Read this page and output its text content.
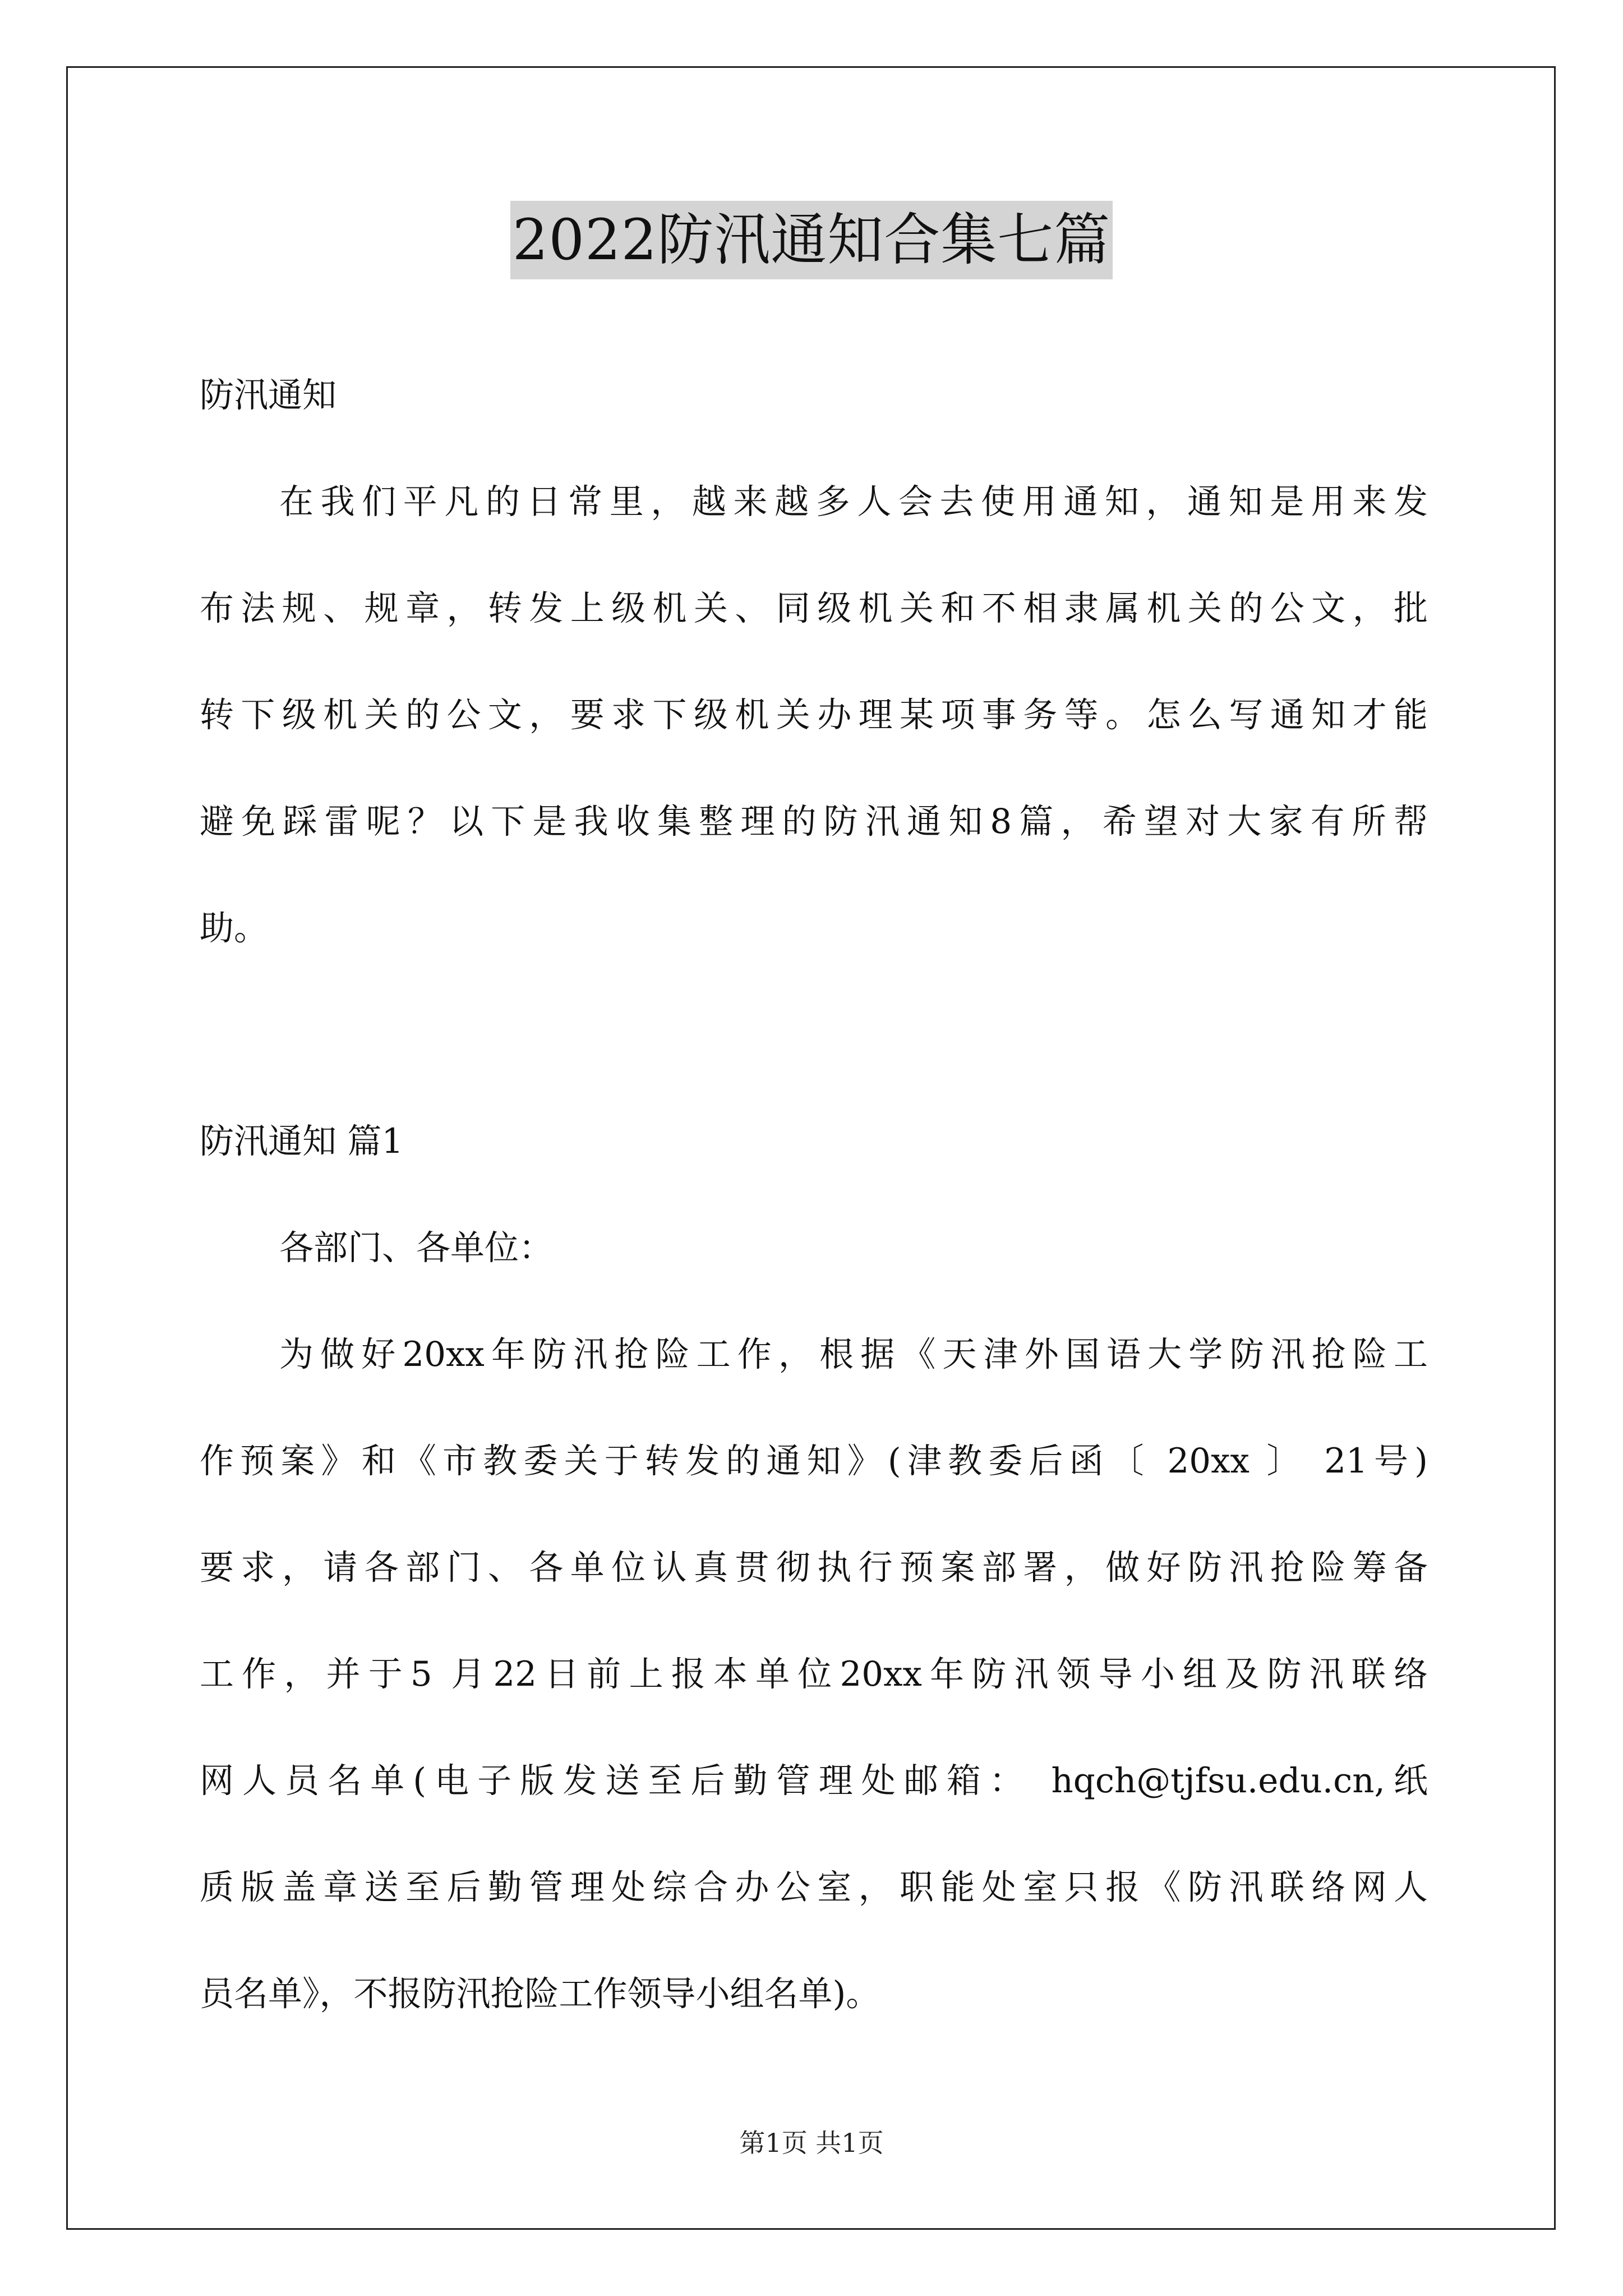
2022防汛通知合集七篇
防汛通知
在我们平凡的日常里，越来越多人会去使用通知，通知是用来发
布法规、规章，转发上级机关、同级机关和不相隶属机关的公文，批
转下级机关的公文，要求下级机关办理某项事务等。怎么写通知才能
避免踩雷呢？以下是我收集整理的防汛通知8篇，希望对大家有所帮
助。
防汛通知 篇1
各部门、各单位：
为做好20xx年防汛抢险工作，根据《天津外国语大学防汛抢险工
作预案》和《市教委关于转发的通知》(津教委后函〔 20xx 〕 21号)
要求，请各部门、各单位认真贯彻执行预案部署，做好防汛抢险筹备
工作，并于5 月22日前上报本单位20xx年防汛领导小组及防汛联络
网人员名单(电子版发送至后勤管理处邮箱： hqch@tjfsu.edu.cn,纸
质版盖章送至后勤管理处综合办公室，职能处室只报《防汛联络网人
员名单》，不报防汛抢险工作领导小组名单)。
第1页 共1页
